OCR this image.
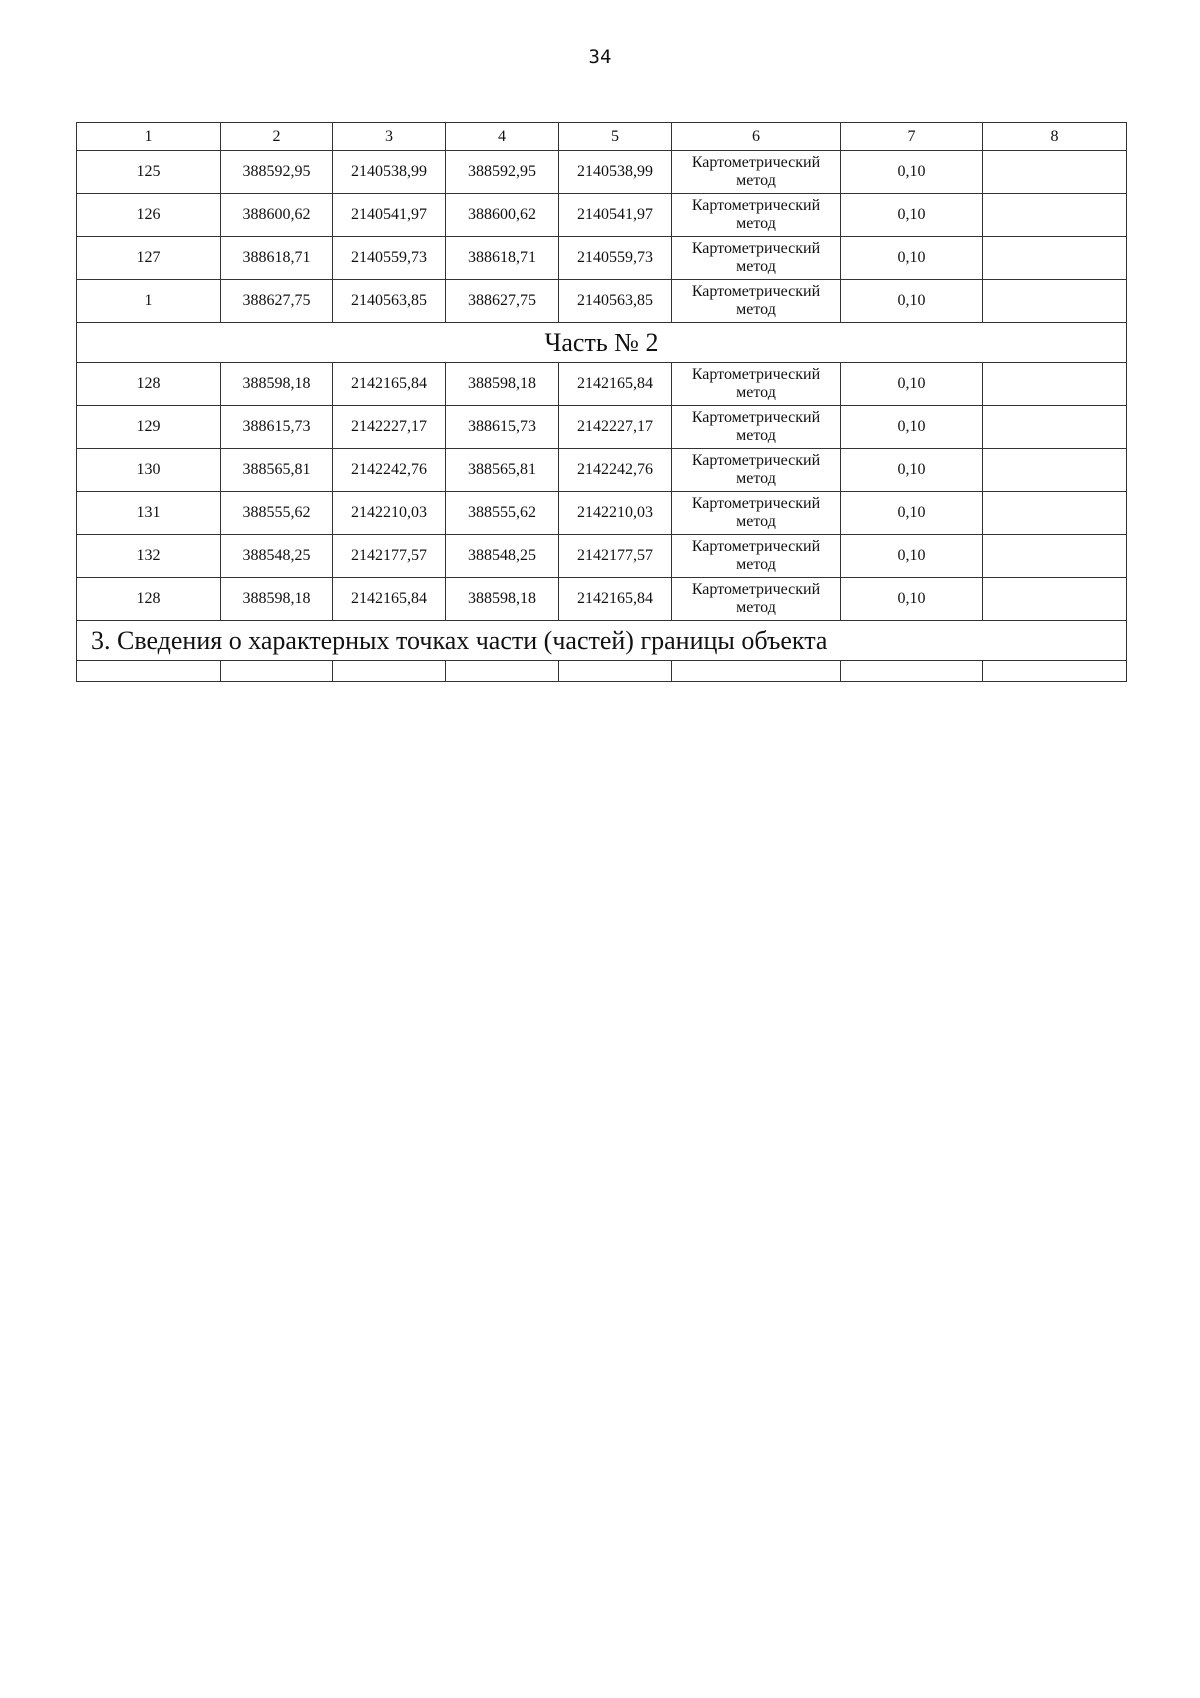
34
1	2	3	4	5	6	7	8
125	388592,95	2140538,99	388592,95	2140538,99	Картометрический метод	0,10	
126	388600,62	2140541,97	388600,62	2140541,97	Картометрический метод	0,10	
127	388618,71	2140559,73	388618,71	2140559,73	Картометрический метод	0,10	
1	388627,75	2140563,85	388627,75	2140563,85	Картометрический метод	0,10	
Часть № 2							
128	388598,18	2142165,84	388598,18	2142165,84	Картометрический метод	0,10	
129	388615,73	2142227,17	388615,73	2142227,17	Картометрический метод	0,10	
130	388565,81	2142242,76	388565,81	2142242,76	Картометрический метод	0,10	
131	388555,62	2142210,03	388555,62	2142210,03	Картометрический метод	0,10	
132	388548,25	2142177,57	388548,25	2142177,57	Картометрический метод	0,10	
128	388598,18	2142165,84	388598,18	2142165,84	Картометрический метод	0,10	
3. Сведения о характерных точках части (частей) границы объекта							
